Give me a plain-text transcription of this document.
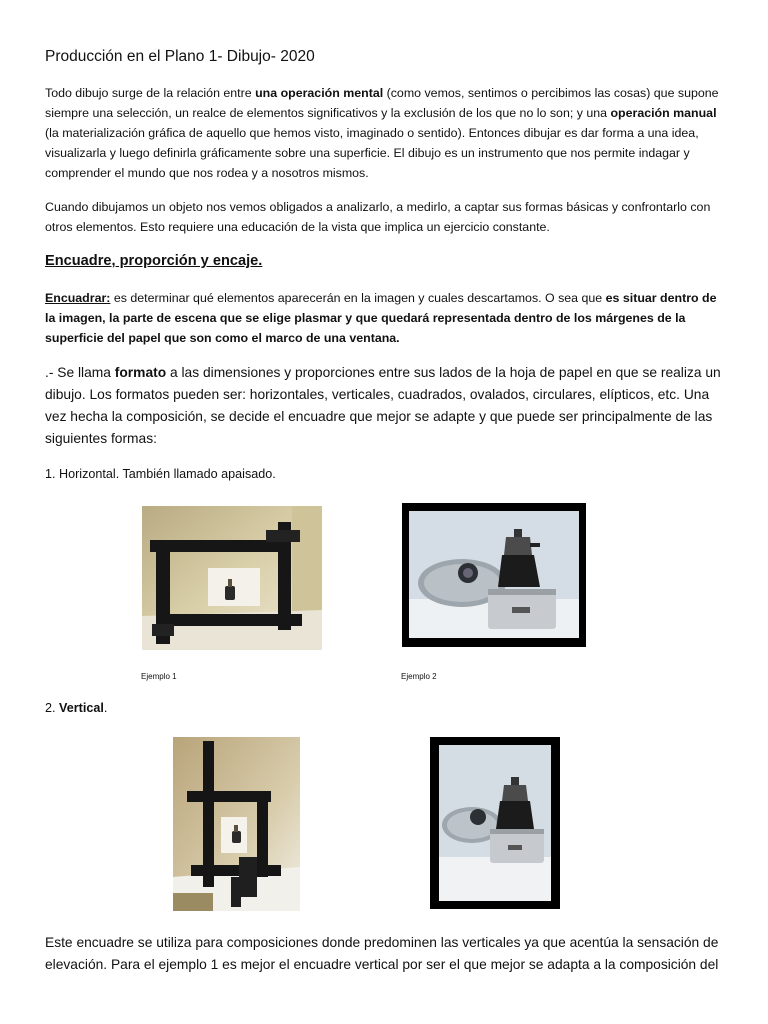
Producción en el Plano 1- Dibujo- 2020
Todo dibujo surge de la relación entre una operación mental (como vemos, sentimos o percibimos las cosas) que supone siempre una selección, un realce de elementos significativos y la exclusión de los que no lo son; y una operación manual (la materialización gráfica de aquello que hemos visto, imaginado o sentido). Entonces dibujar es dar forma a una idea, visualizarla y luego definirla gráficamente sobre una superficie. El dibujo es un instrumento que nos permite indagar y comprender el mundo que nos rodea y a nosotros mismos.
Cuando dibujamos un objeto nos vemos obligados a analizarlo, a medirlo, a captar sus formas básicas y confrontarlo con otros elementos. Esto requiere una educación de la vista que implica un ejercicio constante.
Encuadre, proporción y encaje.
Encuadrar: es determinar qué elementos aparecerán en la imagen y cuales descartamos. O sea que es situar dentro de la imagen, la parte de escena que se elige plasmar y que quedará representada dentro de los márgenes de la superficie del papel que son como el marco de una ventana.
.- Se llama formato a las dimensiones y proporciones entre sus lados de la hoja de papel en que se realiza un dibujo. Los formatos pueden ser: horizontales, verticales, cuadrados, ovalados, circulares, elípticos, etc. Una vez hecha la composición, se decide el encuadre que mejor se adapte y que puede ser principalmente de las siguientes formas:
1. Horizontal. También llamado apaisado.
Ejemplo 1	Ejemplo 2
2. Vertical.
Este encuadre se utiliza para composiciones donde predominen las verticales ya que acentúa la sensación de elevación. Para el ejemplo 1 es mejor el encuadre vertical por ser el que mejor se adapta a la composición del
